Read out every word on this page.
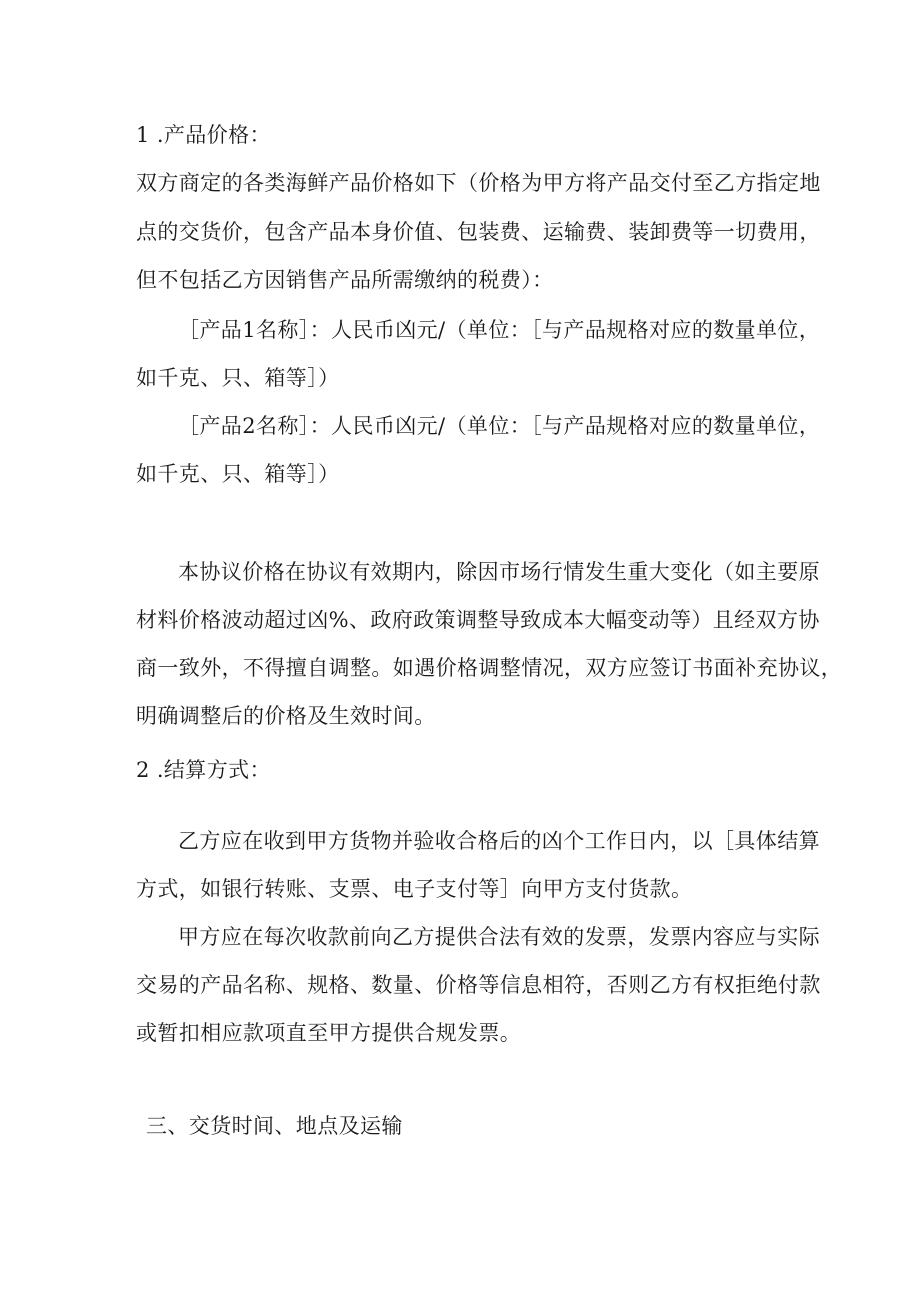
1 .产品价格：
双方商定的各类海鲜产品价格如下（价格为甲方将产品交付至乙方指定地
点的交货价，包含产品本身价值、包装费、运输费、装卸费等一切费用，
但不包括乙方因销售产品所需缴纳的税费）：
［产品1名称］：人民币凶元/（单位：［与产品规格对应的数量单位，
如千克、只、箱等］）
［产品2名称］：人民币凶元/（单位：［与产品规格对应的数量单位，
如千克、只、箱等］）
本协议价格在协议有效期内，除因市场行情发生重大变化（如主要原
材料价格波动超过凶%、政府政策调整导致成本大幅变动等）且经双方协
商一致外，不得擅自调整。如遇价格调整情况，双方应签订书面补充协议，
明确调整后的价格及生效时间。
2 .结算方式：
乙方应在收到甲方货物并验收合格后的凶个工作日内，以［具体结算
方式，如银行转账、支票、电子支付等］向甲方支付货款。
甲方应在每次收款前向乙方提供合法有效的发票，发票内容应与实际
交易的产品名称、规格、数量、价格等信息相符，否则乙方有权拒绝付款
或暂扣相应款项直至甲方提供合规发票。
三、交货时间、地点及运输
